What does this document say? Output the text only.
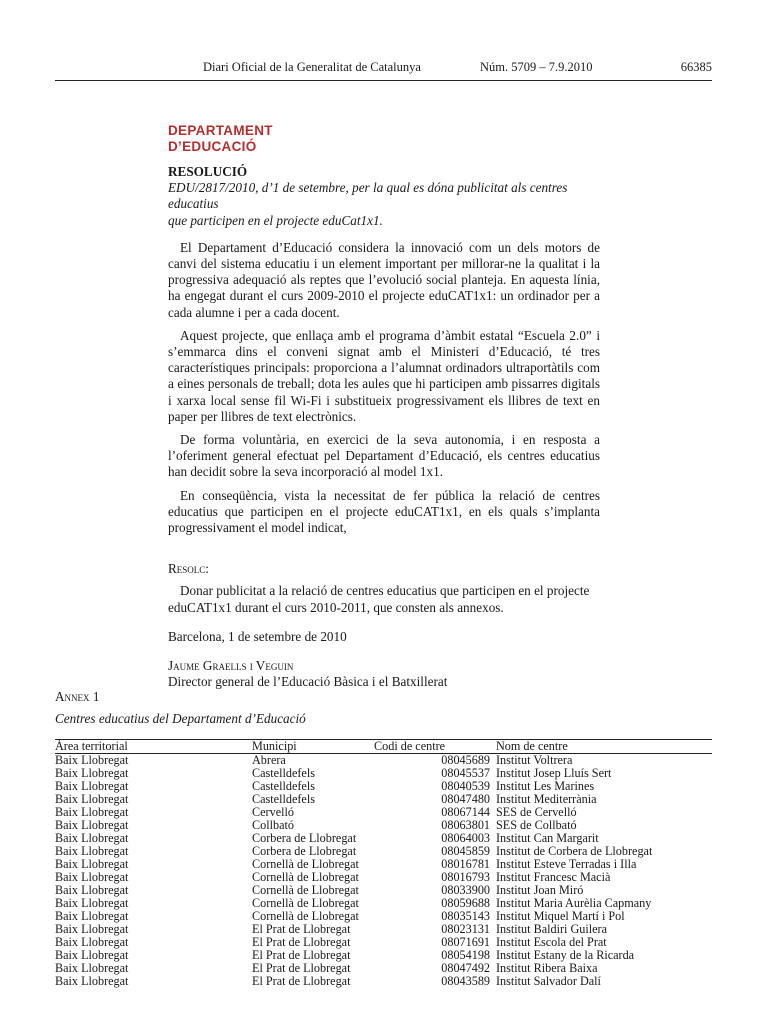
Diari Oficial de la Generalitat de Catalunya	Núm. 5709 – 7.9.2010	66385
DEPARTAMENT
D’EDUCACIÓ
RESOLUCIÓ
EDU/2817/2010, d’1 de setembre, per la qual es dóna publicitat als centres educatius
que participen en el projecte eduCat1x1.

El Departament d’Educació considera la innovació com un dels motors de canvi del sistema educatiu i un element important per millorar-ne la qualitat i la progressiva adequació als reptes que l’evolució social planteja. En aquesta línia, ha engegat durant el curs 2009-2010 el projecte eduCAT1x1: un ordinador per a cada alumne i per a cada docent.

Aquest projecte, que enllaça amb el programa d’àmbit estatal “Escuela 2.0” i s’emmarca dins el conveni signat amb el Ministeri d’Educació, té tres característiques principals: proporciona a l’alumnat ordinadors ultraportàtils com a eines personals de treball; dota les aules que hi participen amb pissarres digitals i xarxa local sense fil Wi-Fi i substitueix progressivament els llibres de text en paper per llibres de text electrònics.

De forma voluntària, en exercici de la seva autonomia, i en resposta a l’oferiment general efectuat pel Departament d’Educació, els centres educatius han decidit sobre la seva incorporació al model 1x1.

En conseqüència, vista la necessitat de fer pública la relació de centres educatius que participen en el projecte eduCAT1x1, en els quals s’implanta progressivament el model indicat,

Resolc:
Donar publicitat a la relació de centres educatius que participen en el projecte eduCAT1x1 durant el curs 2010-2011, que consten als annexos.
Barcelona, 1 de setembre de 2010
Jaume Graells i Veguin
Director general de l’Educació Bàsica i el Batxillerat
Annex 1
Centres educatius del Departament d’Educació
Àrea territorial	Municipi	Codi de centre	Nom de centre
Baix Llobregat	Abrera	08045689	Institut Voltrera
Baix Llobregat	Castelldefels	08045537	Institut Josep Lluís Sert
Baix Llobregat	Castelldefels	08040539	Institut Les Marines
Baix Llobregat	Castelldefels	08047480	Institut Mediterrània
Baix Llobregat	Cervelló	08067144	SES de Cervelló
Baix Llobregat	Collbató	08063801	SES de Collbató
Baix Llobregat	Corbera de Llobregat	08064003	Institut Can Margarit
Baix Llobregat	Corbera de Llobregat	08045859	Institut de Corbera de Llobregat
Baix Llobregat	Cornellà de Llobregat	08016781	Institut Esteve Terradas i Illa
Baix Llobregat	Cornellà de Llobregat	08016793	Institut Francesc Macià
Baix Llobregat	Cornellà de Llobregat	08033900	Institut Joan Miró
Baix Llobregat	Cornellà de Llobregat	08059688	Institut Maria Aurèlia Capmany
Baix Llobregat	Cornellà de Llobregat	08035143	Institut Miquel Martí i Pol
Baix Llobregat	El Prat de Llobregat	08023131	Institut Baldiri Guilera
Baix Llobregat	El Prat de Llobregat	08071691	Institut Escola del Prat
Baix Llobregat	El Prat de Llobregat	08054198	Institut Estany de la Ricarda
Baix Llobregat	El Prat de Llobregat	08047492	Institut Ribera Baixa
Baix Llobregat	El Prat de Llobregat	08043589	Institut Salvador Dalí
